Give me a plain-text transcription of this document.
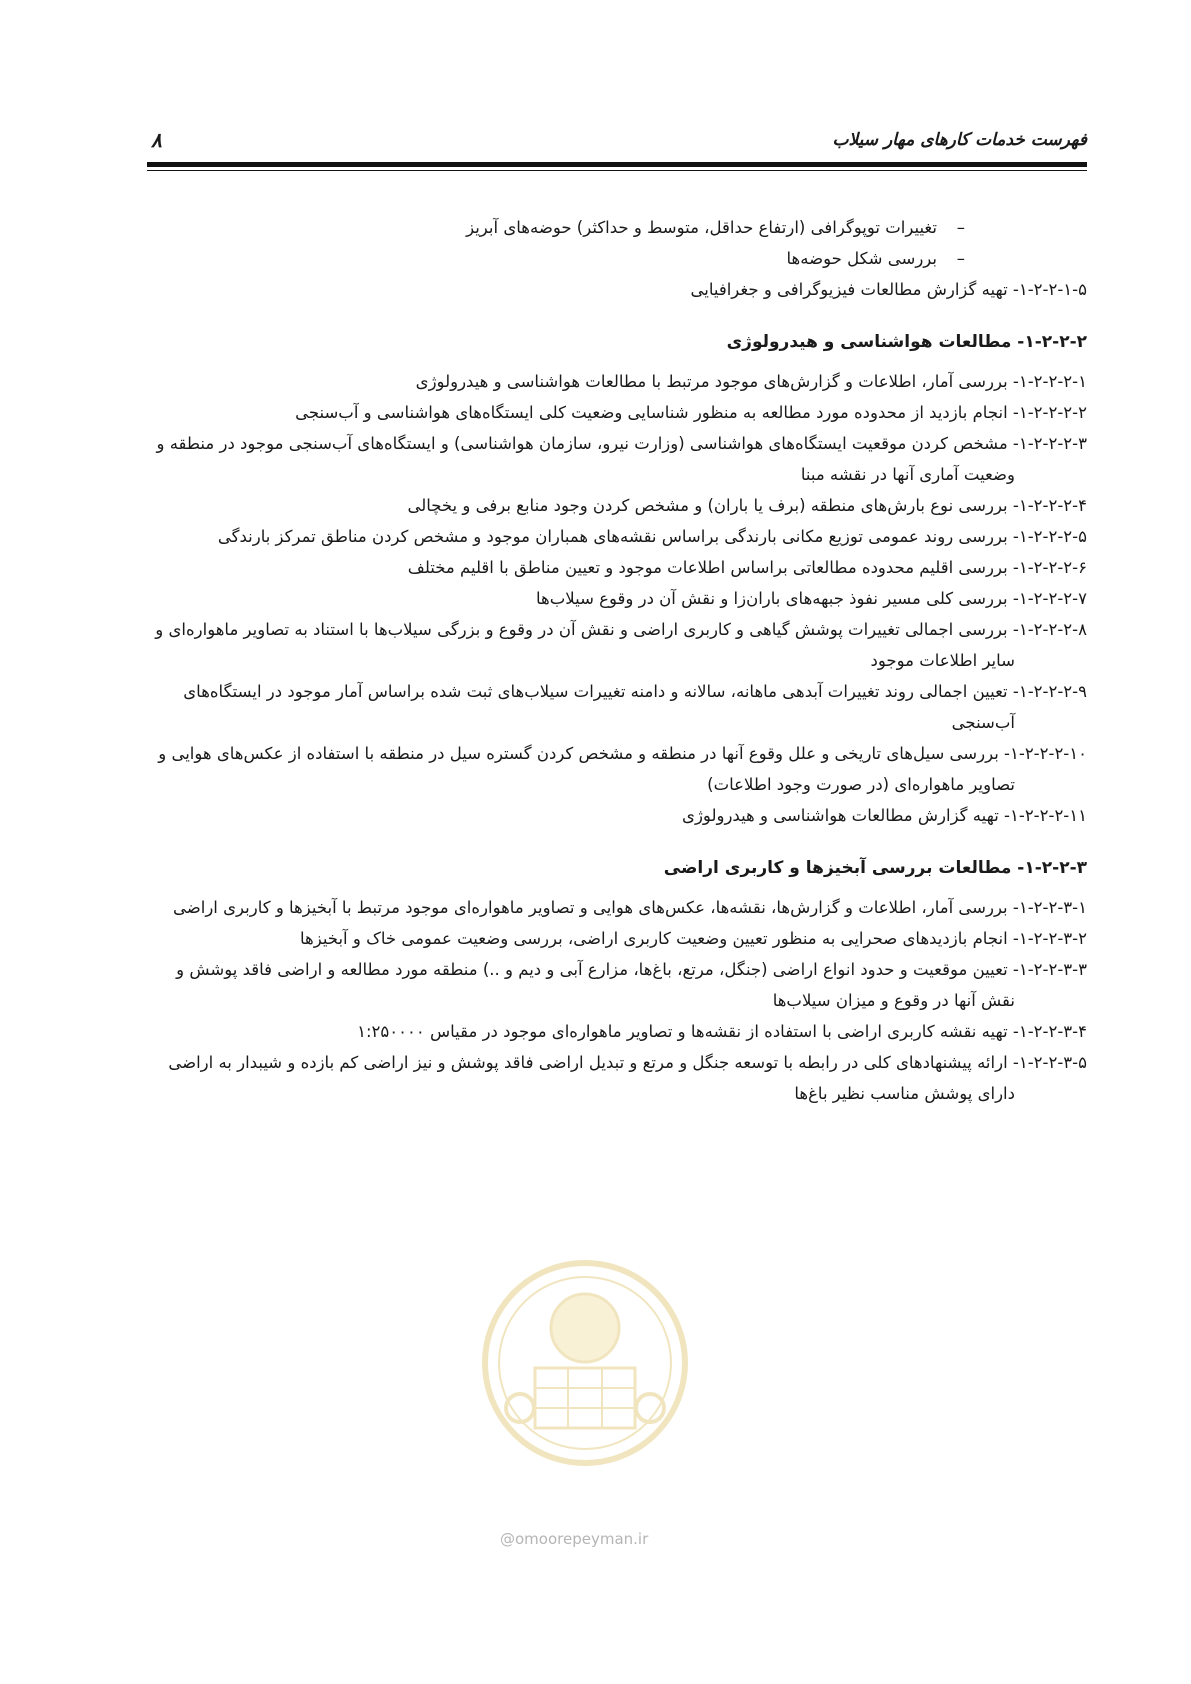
فهرست خدمات کارهای مهار سیلاب
۸
–تغییرات توپوگرافی (ارتفاع حداقل، متوسط و حداکثر) حوضه‌های آبریز
–بررسی شکل حوضه‌ها
۱-۲-۲-۱-۵- تهیه گزارش مطالعات فیزیوگرافی و جغرافیایی
۱-۲-۲-۲- مطالعات هواشناسی و هیدرولوژی
۱-۲-۲-۲-۱- بررسی آمار، اطلاعات و گزارش‌های موجود مرتبط با مطالعات هواشناسی و هیدرولوژی
۱-۲-۲-۲-۲- انجام بازدید از محدوده مورد مطالعه به منظور شناسایی وضعیت کلی ایستگاه‌های هواشناسی و آب‌سنجی
۱-۲-۲-۲-۳- مشخص کردن موقعیت ایستگاه‌های هواشناسی (وزارت نیرو، سازمان هواشناسی) و ایستگاه‌های آب‌سنجی موجود در منطقه و وضعیت آماری آنها در نقشه مبنا
۱-۲-۲-۲-۴- بررسی نوع بارش‌های منطقه (برف یا باران) و مشخص کردن وجود منابع برفی و یخچالی
۱-۲-۲-۲-۵- بررسی روند عمومی توزیع مکانی بارندگی براساس نقشه‌های همباران موجود و مشخص کردن مناطق تمرکز بارندگی
۱-۲-۲-۲-۶- بررسی اقلیم محدوده مطالعاتی براساس اطلاعات موجود و تعیین مناطق با اقلیم مختلف
۱-۲-۲-۲-۷- بررسی کلی مسیر نفوذ جبهه‌های باران‌زا و نقش آن در وقوع سیلاب‌ها
۱-۲-۲-۲-۸- بررسی اجمالی تغییرات پوشش گیاهی و کاربری اراضی و نقش آن در وقوع و بزرگی سیلاب‌ها با استناد به تصاویر ماهواره‌ای و سایر اطلاعات موجود
۱-۲-۲-۲-۹- تعیین اجمالی روند تغییرات آبدهی ماهانه، سالانه و دامنه تغییرات سیلاب‌های ثبت شده براساس آمار موجود در ایستگاه‌های آب‌سنجی
۱-۲-۲-۲-۱۰- بررسی سیل‌های تاریخی و علل وقوع آنها در منطقه و مشخص کردن گستره سیل در منطقه با استفاده از عکس‌های هوایی و تصاویر ماهواره‌ای (در صورت وجود اطلاعات)
۱-۲-۲-۲-۱۱- تهیه گزارش مطالعات هواشناسی و هیدرولوژی
۱-۲-۲-۳- مطالعات بررسی آبخیزها و کاربری اراضی
۱-۲-۲-۳-۱- بررسی آمار، اطلاعات و گزارش‌ها، نقشه‌ها، عکس‌های هوایی و تصاویر ماهواره‌ای موجود مرتبط با آبخیزها و کاربری اراضی
۱-۲-۲-۳-۲- انجام بازدیدهای صحرایی به منظور تعیین وضعیت کاربری اراضی، بررسی وضعیت عمومی خاک و آبخیزها
۱-۲-۲-۳-۳- تعیین موقعیت و حدود انواع اراضی (جنگل، مرتع، باغ‌ها، مزارع آبی و دیم و ..) منطقه مورد مطالعه و اراضی فاقد پوشش و نقش آنها در وقوع و میزان سیلاب‌ها
۱-۲-۲-۳-۴- تهیه نقشه کاربری اراضی با استفاده از نقشه‌ها و تصاویر ماهواره‌ای موجود در مقیاس ۱:۲۵۰۰۰۰
۱-۲-۲-۳-۵- ارائه پیشنهادهای کلی در رابطه با توسعه جنگل و مرتع و تبدیل اراضی فاقد پوشش و نیز اراضی کم بازده و شیبدار به اراضی دارای پوشش مناسب نظیر باغ‌ها
@omoorepeyman.ir
